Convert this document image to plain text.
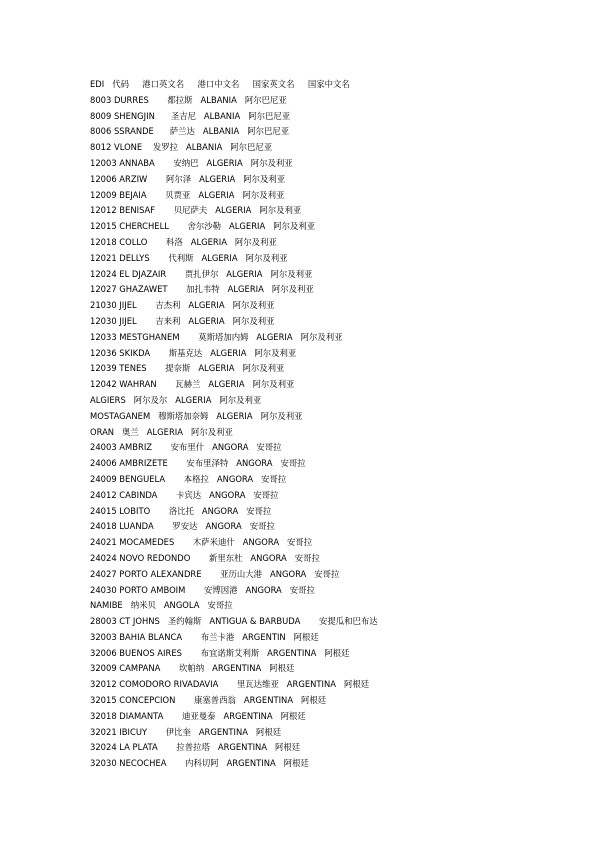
EDI   代码     港口英文名     港口中文名     国家英文名     国家中文名
8003 DURRES       都拉斯   ALBANIA   阿尔巴尼亚
8009 SHENGJIN      圣吉尼   ALBANIA   阿尔巴尼亚
8006 SSRANDE      萨兰达   ALBANIA   阿尔巴尼亚
8012 VLONE    发罗拉   ALBANIA   阿尔巴尼亚
12003 ANNABA       安纳巴   ALGERIA   阿尔及利亚
12006 ARZIW       阿尔泽   ALGERIA   阿尔及利亚
12009 BEJAIA       贝贾亚   ALGERIA   阿尔及利亚
12012 BENISAF       贝尼萨夫   ALGERIA   阿尔及利亚
12015 CHERCHELL       舍尔沙勒   ALGERIA   阿尔及利亚
12018 COLLO       科洛   ALGERIA   阿尔及利亚
12021 DELLYS       代利斯   ALGERIA   阿尔及利亚
12024 EL DJAZAIR       贾扎伊尔   ALGERIA   阿尔及利亚
12027 GHAZAWET       加扎韦特   ALGERIA   阿尔及利亚
21030 JIJEL       吉杰利   ALGERIA   阿尔及利亚
12030 JIJEL       吉来利   ALGERIA   阿尔及利亚
12033 MESTGHANEM       莫斯塔加内姆   ALGERIA   阿尔及利亚
12036 SKIKDA       斯基克达   ALGERIA   阿尔及利亚
12039 TENES       提奈斯   ALGERIA   阿尔及利亚
12042 WAHRAN       瓦赫兰   ALGERIA   阿尔及利亚
ALGIERS   阿尔及尔   ALGERIA   阿尔及利亚
MOSTAGANEM   穆斯塔加奈姆   ALGERIA   阿尔及利亚
ORAN   奥兰   ALGERIA   阿尔及利亚
24003 AMBRIZ       安布里什   ANGORA   安哥拉
24006 AMBRIZETE       安布里泽特   ANGORA   安哥拉
24009 BENGUELA       本格拉   ANGORA   安哥拉
24012 CABINDA       卡宾达   ANGORA   安哥拉
24015 LOBITO       洛比托   ANGORA   安哥拉
24018 LUANDA       罗安达   ANGORA   安哥拉
24021 MOCAMEDES       木萨米迪什   ANGORA   安哥拉
24024 NOVO REDONDO       新里东杜   ANGORA   安哥拉
24027 PORTO ALEXANDRE       亚历山大港   ANGORA   安哥拉
24030 PORTO AMBOIM       安博因港   ANGORA   安哥拉
NAMIBE   纳米贝   ANGOLA   安哥拉
28003 CT JOHNS   圣约翰斯   ANTIGUA & BARBUDA       安提瓜和巴布达
32003 BAHIA BLANCA       布兰卡港   ARGENTIN   阿根廷
32006 BUENOS AIRES       布宜诺斯艾利斯   ARGENTINA   阿根廷
32009 CAMPANA       坎帕纳   ARGENTINA   阿根廷
32012 COMODORO RIVADAVIA       里瓦达维亚   ARGENTINA   阿根廷
32015 CONCEPCION       康塞普西翁   ARGENTINA   阿根廷
32018 DIAMANTA       迪亚曼泰   ARGENTINA   阿根廷
32021 IBICUY       伊比奎   ARGENTINA   阿根廷
32024 LA PLATA       拉普拉塔   ARGENTINA   阿根廷
32030 NECOCHEA       内科切阿   ARGENTINA   阿根廷
